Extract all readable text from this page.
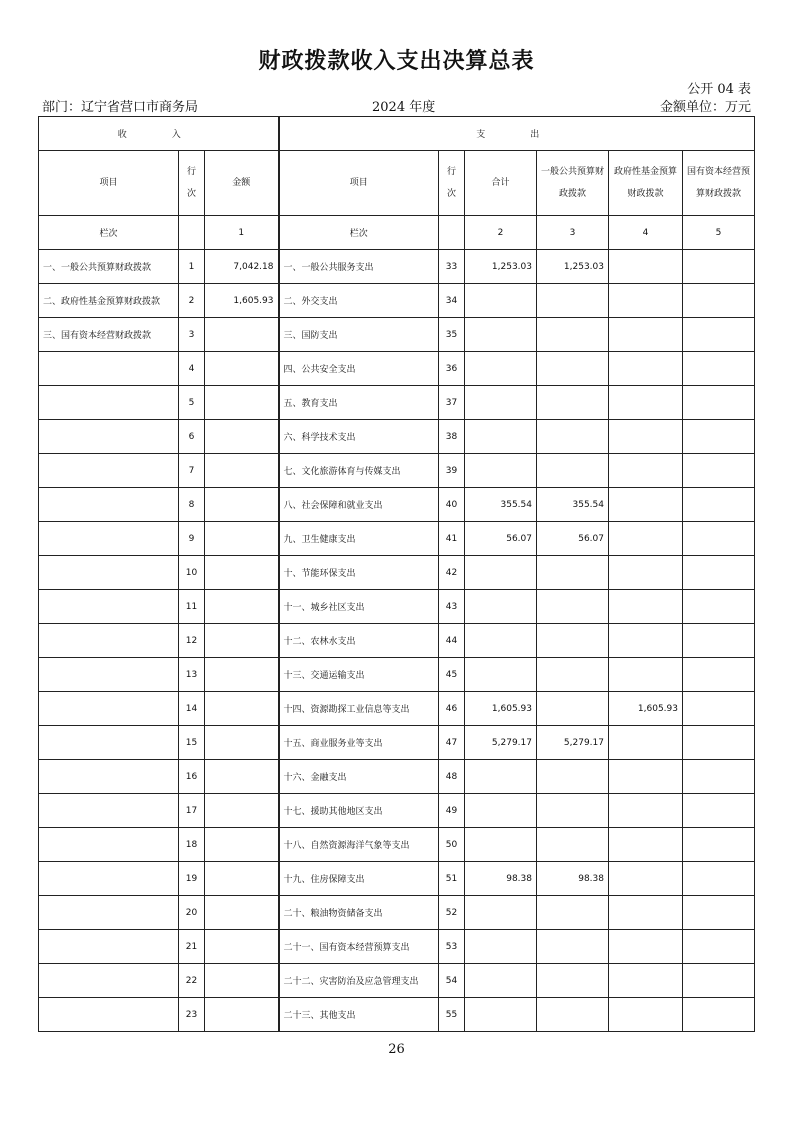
财政拨款收入支出决算总表
公开 04 表
部门：辽宁省营口市商务局	2024 年度	金额单位：万元
收　入			支　出					
项目	行次	金额	项目	行次	合计	一般公共预算财政拨款	政府性基金预算财政拨款	国有资本经营预算财政拨款
栏次		1	栏次		2	3	4	5
一、一般公共预算财政拨款	1	7,042.18	一、一般公共服务支出	33	1,253.03	1,253.03		
二、政府性基金预算财政拨款	2	1,605.93	二、外交支出	34				
三、国有资本经营财政拨款	3		三、国防支出	35				
	4		四、公共安全支出	36				
	5		五、教育支出	37				
	6		六、科学技术支出	38				
	7		七、文化旅游体育与传媒支出	39				
	8		八、社会保障和就业支出	40	355.54	355.54		
	9		九、卫生健康支出	41	56.07	56.07		
	10		十、节能环保支出	42				
	11		十一、城乡社区支出	43				
	12		十二、农林水支出	44				
	13		十三、交通运输支出	45				
	14		十四、资源勘探工业信息等支出	46	1,605.93		1,605.93	
	15		十五、商业服务业等支出	47	5,279.17	5,279.17		
	16		十六、金融支出	48				
	17		十七、援助其他地区支出	49				
	18		十八、自然资源海洋气象等支出	50				
	19		十九、住房保障支出	51	98.38	98.38		
	20		二十、粮油物资储备支出	52				
	21		二十一、国有资本经营预算支出	53				
	22		二十二、灾害防治及应急管理支出	54				
	23		二十三、其他支出	55				
26
